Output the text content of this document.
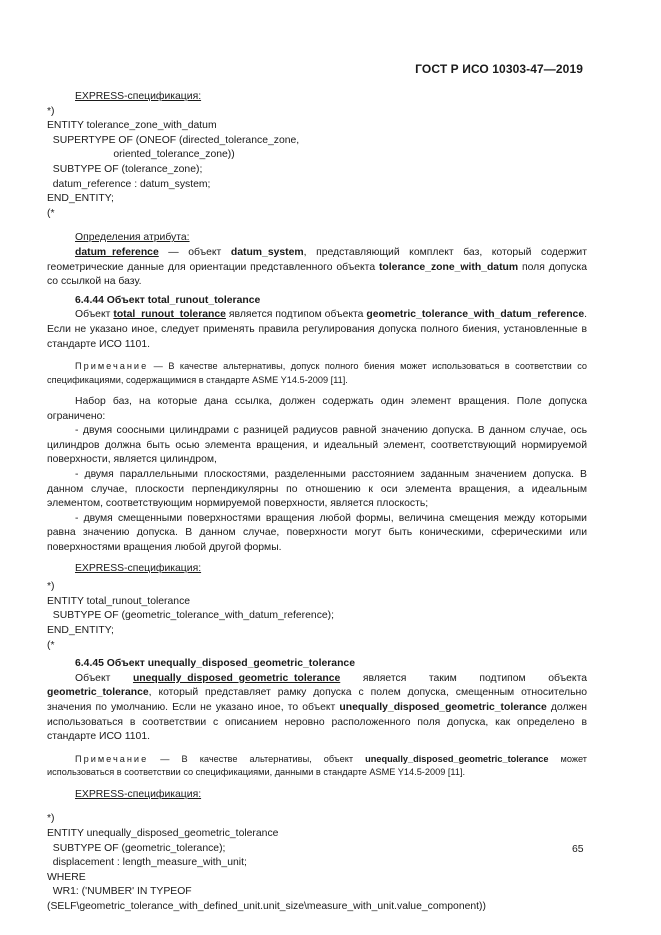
ГОСТ Р ИСО 10303-47—2019

EXPRESS-спецификация:

*)

ENTITY tolerance_zone_with_datum

SUPERTYPE OF (ONEOF (directed_tolerance_zone,

oriented_tolerance_zone))

SUBTYPE OF (tolerance_zone);

datum_reference : datum_system;

END_ENTITY;

(*

Определения атрибута:

datum_reference — объект datum_system, представляющий комплект баз, который содержит геометрические данные для ориентации представленного объекта tolerance_zone_with_datum поля допуска со ссылкой на базу.

6.4.44 Объект total_runout_tolerance

Объект total_runout_tolerance является подтипом объекта geometric_tolerance_with_datum_reference. Если не указано иное, следует применять правила регулирования допуска полного биения, установленные в стандарте ИСО 1101.

Примечание — В качестве альтернативы, допуск полного биения может использоваться в соответствии со спецификациями, содержащимися в стандарте ASME Y14.5-2009 [11].

Набор баз, на которые дана ссылка, должен содержать один элемент вращения. Поле допуска ограничено:

- двумя соосными цилиндрами с разницей радиусов равной значению допуска. В данном случае, ось цилиндров должна быть осью элемента вращения, и идеальный элемент, соответствующий нормируемой поверхности, является цилиндром,

- двумя параллельными плоскостями, разделенными расстоянием заданным значением допуска. В данном случае, плоскости перпендикулярны по отношению к оси элемента вращения, а идеальным элементом, соответствующим нормируемой поверхности, является плоскость;

- двумя смещенными поверхностями вращения любой формы, величина смещения между которыми равна значению допуска. В данном случае, поверхности могут быть коническими, сферическими или поверхностями вращения любой другой формы.

EXPRESS-спецификация:

*)

ENTITY total_runout_tolerance

SUBTYPE OF (geometric_tolerance_with_datum_reference);

END_ENTITY;

(*

6.4.45 Объект unequally_disposed_geometric_tolerance

Объект unequally_disposed_geometric_tolerance является таким подтипом объекта geometric_tolerance, который представляет рамку допуска с полем допуска, смещенным относительно значения по умолчанию. Если не указано иное, то объект unequally_disposed_geometric_tolerance должен использоваться в соответствии с описанием неровно расположенного поля допуска, как определено в стандарте ИСО 1101.

Примечание — В качестве альтернативы, объект unequally_disposed_geometric_tolerance может использоваться в соответствии со спецификациями, данными в стандарте ASME Y14.5-2009 [11].

EXPRESS-спецификация:

*)

ENTITY unequally_disposed_geometric_tolerance

SUBTYPE OF (geometric_tolerance);

displacement : length_measure_with_unit;

WHERE

WR1: ('NUMBER' IN TYPEOF

(SELF\geometric_tolerance_with_defined_unit.unit_size\measure_with_unit.value_component))

65
